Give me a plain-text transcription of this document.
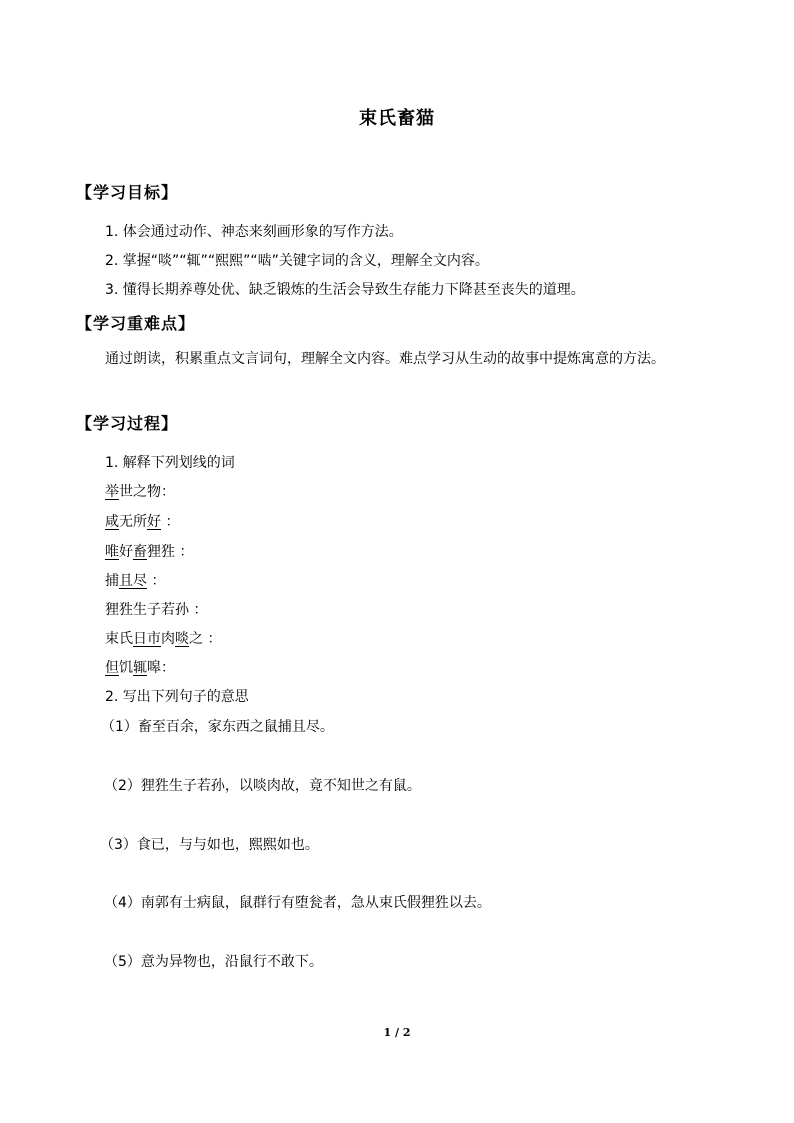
束氏畜猫
【学习目标】
1. 体会通过动作、神态来刻画形象的写作方法。
2. 掌握“啖”“辄”“熙熙”“啮”关键字词的含义，理解全文内容。
3. 懂得长期养尊处优、缺乏锻炼的生活会导致生存能力下降甚至丧失的道理。
【学习重难点】
通过朗读，积累重点文言词句，理解全文内容。难点学习从生动的故事中提炼寓意的方法。
【学习过程】
1. 解释下列划线的词
举世之物：
咸无所好 ：
唯好畜狸狌 ：
捕且尽 ：
狸狌生子若孙 ：
束氏日市肉啖之 ：
但饥辄嗥：
2. 写出下列句子的意思
（1）畜至百余，家东西之鼠捕且尽。
（2）狸狌生子若孙，以啖肉故，竟不知世之有鼠。
（3）食已，与与如也，熙熙如也。
（4）南郭有士病鼠，鼠群行有堕瓮者，急从束氏假狸狌以去。
（5）意为异物也，沿鼠行不敢下。
1 / 2
